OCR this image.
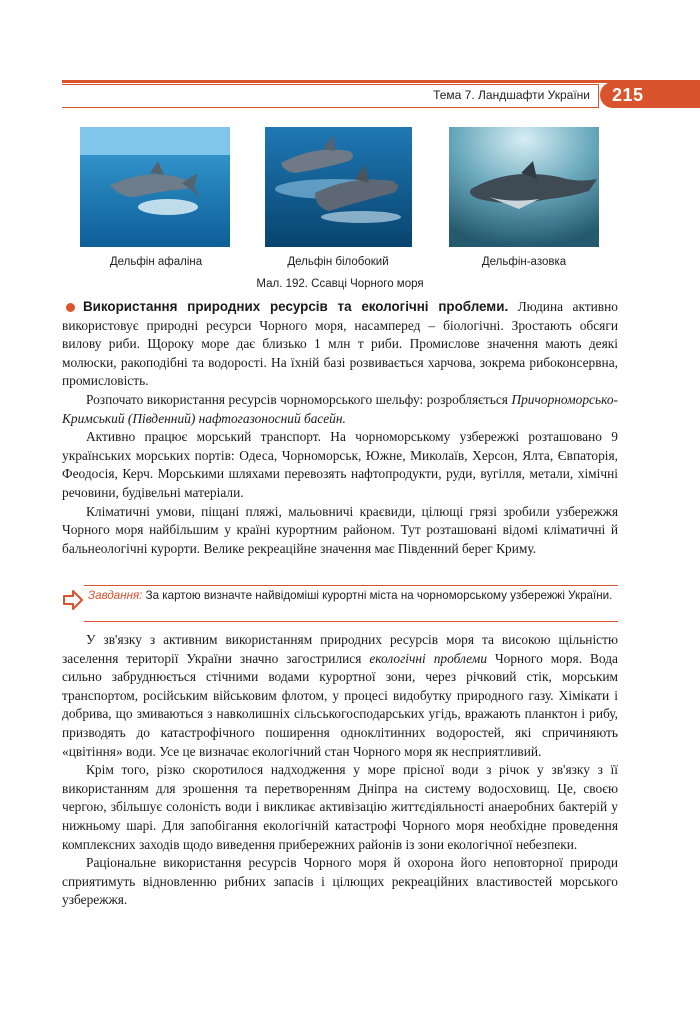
Тема 7. Ландшафти України 215
Дельфін афаліна	Дельфін білобокий	Дельфін-азовка
Мал. 192. Ссавці Чорного моря

Використання природних ресурсів та екологічні проблеми. Людина активно використовує природні ресурси Чорного моря, насамперед – біологічні. Зростають обсяги вилову риби. Щороку море дає близько 1 млн т риби. Промислове значення мають деякі молюски, ракоподібні та водорості. На їхній базі розвивається харчова, зокрема рибоконсервна, промисловість.

Розпочато використання ресурсів чорноморського шельфу: розробляється Причорноморсько-Кримський (Південний) нафтогазоносний басейн.

Активно працює морський транспорт. На чорноморському узбережжі розташовано 9 українських морських портів: Одеса, Чорноморськ, Южне, Миколаїв, Херсон, Ялта, Євпаторія, Феодосія, Керч. Морськими шляхами перевозять нафтопродукти, руди, вугілля, метали, хімічні речовини, будівельні матеріали.

Кліматичні умови, піщані пляжі, мальовничі краєвиди, цілющі грязі зробили узбережжя Чорного моря найбільшим у країні курортним районом. Тут розташовані відомі кліматичні й бальнеологічні курорти. Велике рекреаційне значення має Південний берег Криму.

Завдання: За картою визначте найвідоміші курортні міста на чорноморському узбережжі України.

У зв'язку з активним використанням природних ресурсів моря та високою щільністю заселення території України значно загострилися екологічні проблеми Чорного моря. Вода сильно забруднюється стічними водами курортної зони, через річковий стік, морським транспортом, російським військовим флотом, у процесі видобутку природного газу. Хімікати і добрива, що змиваються з навколишніх сільськогосподарських угідь, вражають планктон і рибу, призводять до катастрофічного поширення одноклітинних водоростей, які спричиняють «цвітіння» води. Усе це визначає екологічний стан Чорного моря як несприятливий.

Крім того, різко скоротилося надходження у море прісної води з річок у зв'язку з її використанням для зрошення та перетворенням Дніпра на систему водосховищ. Це, своєю чергою, збільшує солоність води і викликає активізацію життєдіяльності анаеробних бактерій у нижньому шарі. Для запобігання екологічній катастрофі Чорного моря необхідне проведення комплексних заходів щодо виведення прибережних районів із зони екологічної небезпеки.

Раціональне використання ресурсів Чорного моря й охорона його неповторної природи сприятимуть відновленню рибних запасів і цілющих рекреаційних властивостей морського узбережжя.
